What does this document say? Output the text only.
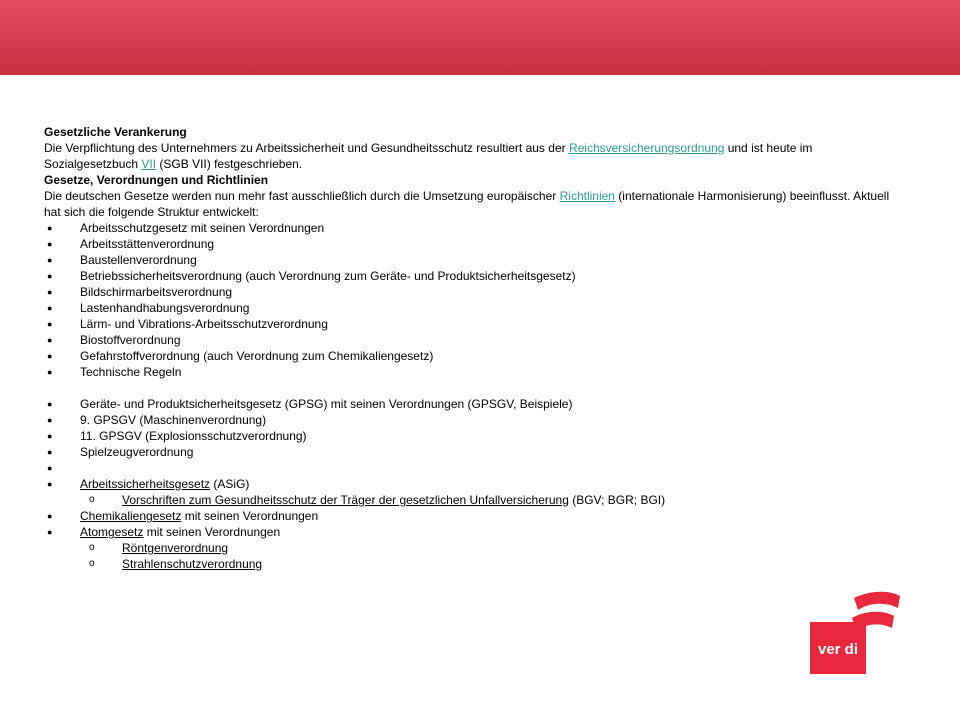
Gesetzliche Verankerung
Die Verpflichtung des Unternehmers zu Arbeitssicherheit und Gesundheitsschutz resultiert aus der Reichsversicherungsordnung und ist heute im Sozialgesetzbuch VII (SGB VII) festgeschrieben.
Gesetze, Verordnungen und Richtlinien
Die deutschen Gesetze werden nun mehr fast ausschließlich durch die Umsetzung europäischer Richtlinien (internationale Harmonisierung) beeinflusst. Aktuell hat sich die folgende Struktur entwickelt:
● Arbeitsschutzgesetz mit seinen Verordnungen
● Arbeitsstättenverordnung
● Baustellenverordnung
● Betriebssicherheitsverordnung (auch Verordnung zum Geräte- und Produktsicherheitsgesetz)
● Bildschirmarbeitsverordnung
● Lastenhandhabungsverordnung
● Lärm- und Vibrations-Arbeitsschutzverordnung
● Biostoffverordnung
● Gefahrstoffverordnung (auch Verordnung zum Chemikaliengesetz)
● Technische Regeln
● Geräte- und Produktsicherheitsgesetz (GPSG) mit seinen Verordnungen (GPSGV, Beispiele)
● 9. GPSGV (Maschinenverordnung)
● 11. GPSGV (Explosionsschutzverordnung)
● Spielzeugverordnung
●
● Arbeitssicherheitsgesetz (ASiG)
o Vorschriften zum Gesundheitsschutz der Träger der gesetzlichen Unfallversicherung (BGV; BGR; BGI)
● Chemikaliengesetz mit seinen Verordnungen
● Atomgesetz mit seinen Verordnungen
o Röntgenverordnung
o Strahlenschutzverordnung
ver di
